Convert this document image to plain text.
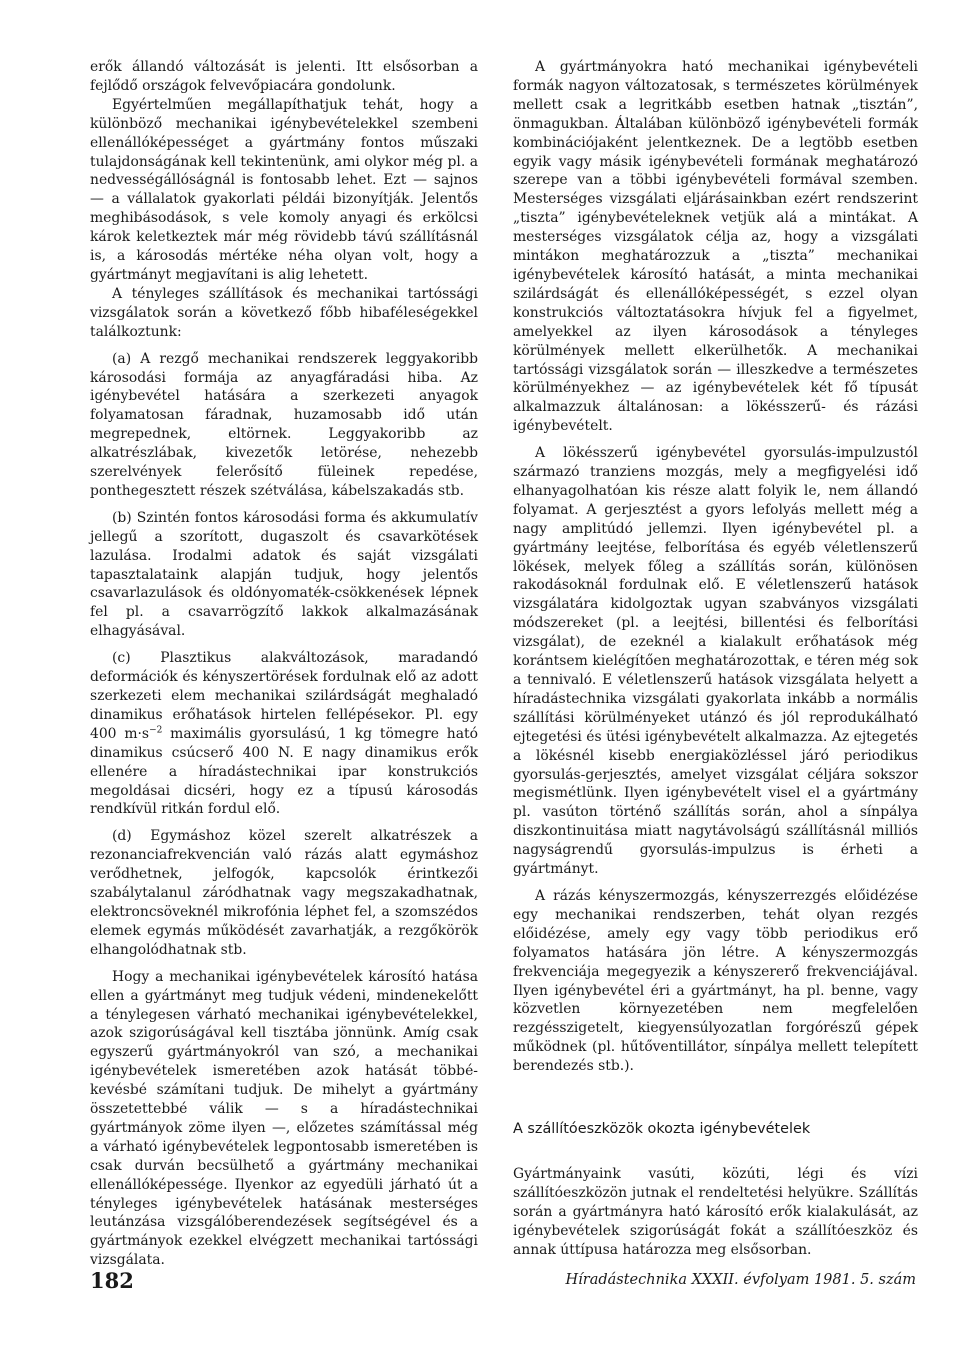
erők állandó változását is jelenti. Itt elsősorban a fejlődő országok felvevőpiacára gondolunk.

Egyértelműen megállapíthatjuk tehát, hogy a különböző mechanikai igénybevételekkel szembeni ellenállóképességet a gyártmány fontos műszaki tulajdonságának kell tekintenünk, ami olykor még pl. a nedvességállóságnál is fontosabb lehet. Ezt — sajnos — a vállalatok gyakorlati példái bizonyítják. Jelentős meghibásodások, s vele komoly anyagi és erkölcsi károk keletkeztek már még rövidebb távú szállításnál is, a károsodás mértéke néha olyan volt, hogy a gyártmányt megjavítani is alig lehetett.

A tényleges szállítások és mechanikai tartóssági vizsgálatok során a következő főbb hibaféleségekkel találkoztunk:

(a) A rezgő mechanikai rendszerek leggyakoribb károsodási formája az anyagfáradási hiba. Az igénybevétel hatására a szerkezeti anyagok folyamatosan fáradnak, huzamosabb idő után megrepednek, eltörnek. Leggyakoribb az alkatrészlábak, kivezetők letörése, nehezebb szerelvények felerősítő füleinek repedése, ponthegesztett részek szétválása, kábelszakadás stb.

(b) Szintén fontos károsodási forma és akkumulatív jellegű a szorított, dugaszolt és csavarkötések lazulása. Irodalmi adatok és saját vizsgálati tapasztalataink alapján tudjuk, hogy jelentős csavarlazulások és oldónyomaték-csökkenések lépnek fel pl. a csavarrögzítő lakkok alkalmazásának elhagyásával.

(c) Plasztikus alakváltozások, maradandó deformációk és kényszertörések fordulnak elő az adott szerkezeti elem mechanikai szilárdságát meghaladó dinamikus erőhatások hirtelen fellépésekor. Pl. egy 400 $m\cdot s^{-2}$ maximális gyorsulású, 1 kg tömegre ható dinamikus csúcserő 400 N. E nagy dinamikus erők ellenére a híradástechnikai ipar konstrukciós megoldásai dicséri, hogy ez a típusú károsodás rendkívül ritkán fordul elő.

(d) Egymáshoz közel szerelt alkatrészek a rezonanciafrekvencián való rázás alatt egymáshoz verődhetnek, jelfogók, kapcsolók érintkezői szabálytalanul záródhatnak vagy megszakadhatnak, elektroncsöveknél mikrofónia léphet fel, a szomszédos elemek egymás működését zavarhatják, a rezgőkörök elhangolódhatnak stb.

Hogy a mechanikai igénybevételek károsító hatása ellen a gyártmányt meg tudjuk védeni, mindenekelőtt a ténylegesen várható mechanikai igénybevételekkel, azok szigorúságával kell tisztába jönnünk. Amíg csak egyszerű gyártmányokról van szó, a mechanikai igénybevételek ismeretében azok hatását többé-kevésbé számítani tudjuk. De mihelyt a gyártmány összetettebbé válik — s a híradástechnikai gyártmányok zöme ilyen —, előzetes számítással még a várható igénybevételek legpontosabb ismeretében is csak durván becsülhető a gyártmány mechanikai ellenállóképessége. Ilyenkor az egyedüli járható út a tényleges igénybevételek hatásának mesterséges leutánzása vizsgálóberendezések segítségével és a gyártmányok ezekkel elvégzett mechanikai tartóssági vizsgálata.

A gyártmányokra ható mechanikai igénybevételi formák nagyon változatosak, s természetes körülmények mellett csak a legritkább esetben hatnak „tisztán”, önmagukban. Általában különböző igénybevételi formák kombinációjaként jelentkeznek. De a legtöbb esetben egyik vagy másik igénybevételi formának meghatározó szerepe van a többi igénybevételi formával szemben. Mesterséges vizsgálati eljárásainkban ezért rendszerint „tiszta” igénybevételeknek vetjük alá a mintákat. A mesterséges vizsgálatok célja az, hogy a vizsgálati mintákon meghatározzuk a „tiszta” mechanikai igénybevételek károsító hatását, a minta mechanikai szilárdságát és ellenállóképességét, s ezzel olyan konstrukciós változtatásokra hívjuk fel a figyelmet, amelyekkel az ilyen károsodások a tényleges körülmények mellett elkerülhetők. A mechanikai tartóssági vizsgálatok során — illeszkedve a természetes körülményekhez — az igénybevételek két fő típusát alkalmazzuk általánosan: a lökésszerű- és rázási igénybevételt.

A lökésszerű igénybevétel gyorsulás-impulzustól származó tranziens mozgás, mely a megfigyelési idő elhanyagolhatóan kis része alatt folyik le, nem állandó folyamat. A gerjesztést a gyors lefolyás mellett még a nagy amplitúdó jellemzi. Ilyen igénybevétel pl. a gyártmány leejtése, felborítása és egyéb véletlenszerű lökések, melyek főleg a szállítás során, különösen rakodásoknál fordulnak elő. E véletlenszerű hatások vizsgálatára kidolgoztak ugyan szabványos vizsgálati módszereket (pl. a leejtési, billentési és felborítási vizsgálat), de ezeknél a kialakult erőhatások még korántsem kielégítően meghatározottak, e téren még sok a tennivaló. E véletlenszerű hatások vizsgálata helyett a híradástechnika vizsgálati gyakorlata inkább a normális szállítási körülményeket utánzó és jól reprodukálható ejtegetési és ütési igénybevételt alkalmazza. Az ejtegetés a lökésnél kisebb energiaközléssel járó periodikus gyorsulás-gerjesztés, amelyet vizsgálat céljára sokszor megismétlünk. Ilyen igénybevételt visel el a gyártmány pl. vasúton történő szállítás során, ahol a sínpálya diszkontinuitása miatt nagytávolságú szállításnál milliós nagyságrendű gyorsulás-impulzus is érheti a gyártmányt.

A rázás kényszermozgás, kényszerrezgés előidézése egy mechanikai rendszerben, tehát olyan rezgés előidézése, amely egy vagy több periodikus erő folyamatos hatására jön létre. A kényszermozgás frekvenciája megegyezik a kényszererő frekvenciájával. Ilyen igénybevétel éri a gyártmányt, ha pl. benne, vagy közvetlen környezetében nem megfelelően rezgésszigetelt, kiegyensúlyozatlan forgórészű gépek működnek (pl. hűtőventillátor, sínpálya mellett telepített berendezés stb.).

A szállítóeszközök okozta igénybevételek

Gyártmányaink vasúti, közúti, légi és vízi szállítóeszközön jutnak el rendeltetési helyükre. Szállítás során a gyártmányra ható károsító erők kialakulását, az igénybevételek szigorúságát fokát a szállítóeszköz és annak úttípusa határozza meg elsősorban.

182	Híradástechnika XXXII. évfolyam 1981. 5. szám
